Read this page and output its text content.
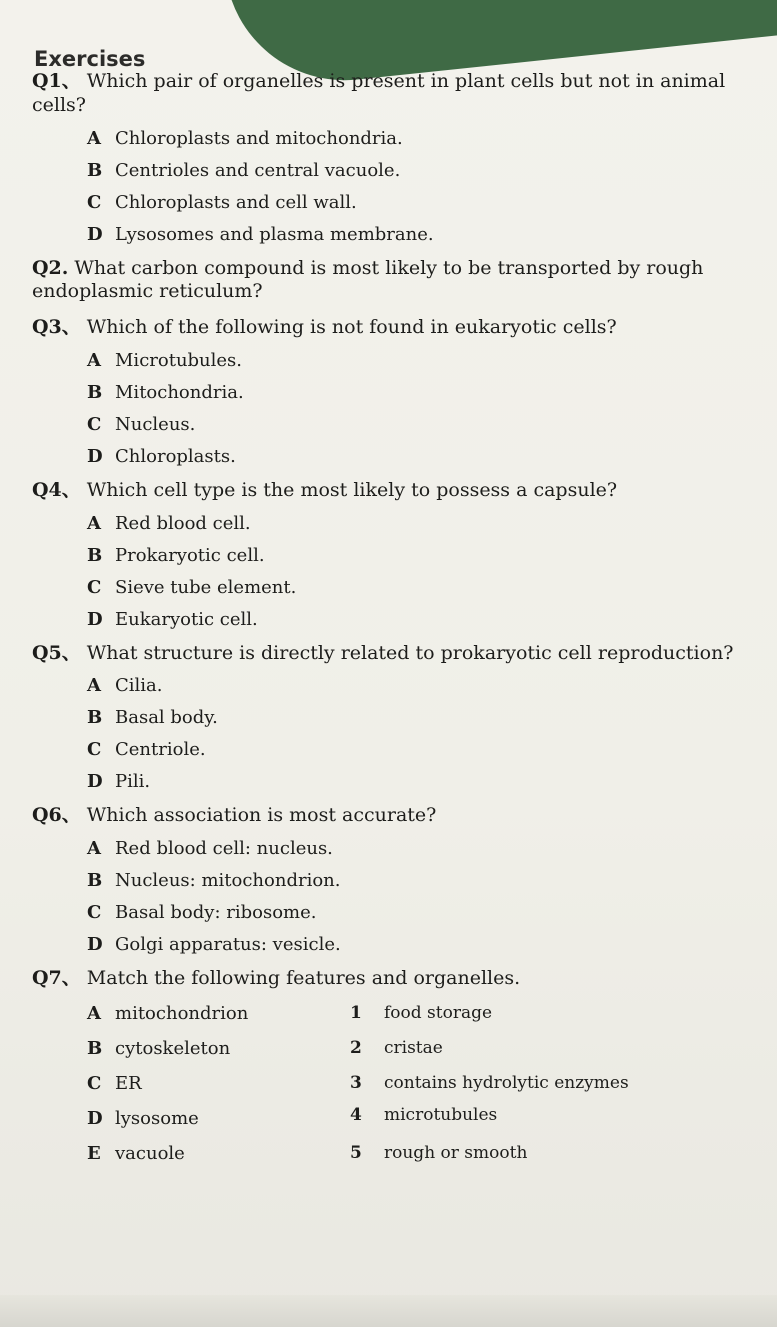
Exercises
Q1、 Which pair of organelles is present in plant cells but not in animal cells?
A Chloroplasts and mitochondria.
B Centrioles and central vacuole.
C Chloroplasts and cell wall.
D Lysosomes and plasma membrane.
Q2. What carbon compound is most likely to be transported by rough endoplasmic reticulum?
Q3、 Which of the following is not found in eukaryotic cells?
A Microtubules.
B Mitochondria.
C Nucleus.
D Chloroplasts.
Q4、 Which cell type is the most likely to possess a capsule?
A Red blood cell.
B Prokaryotic cell.
C Sieve tube element.
D Eukaryotic cell.
Q5、 What structure is directly related to prokaryotic cell reproduction?
A Cilia.
B Basal body.
C Centriole.
D Pili.
Q6、 Which association is most accurate?
A Red blood cell: nucleus.
B Nucleus: mitochondrion.
C Basal body: ribosome.
D Golgi apparatus: vesicle.
Q7、 Match the following features and organelles.
A mitochondrion
B cytoskeleton
C ER
D lysosome
E vacuole
1 food storage
2 cristae
3 contains hydrolytic enzymes
4 microtubules
5 rough or smooth
